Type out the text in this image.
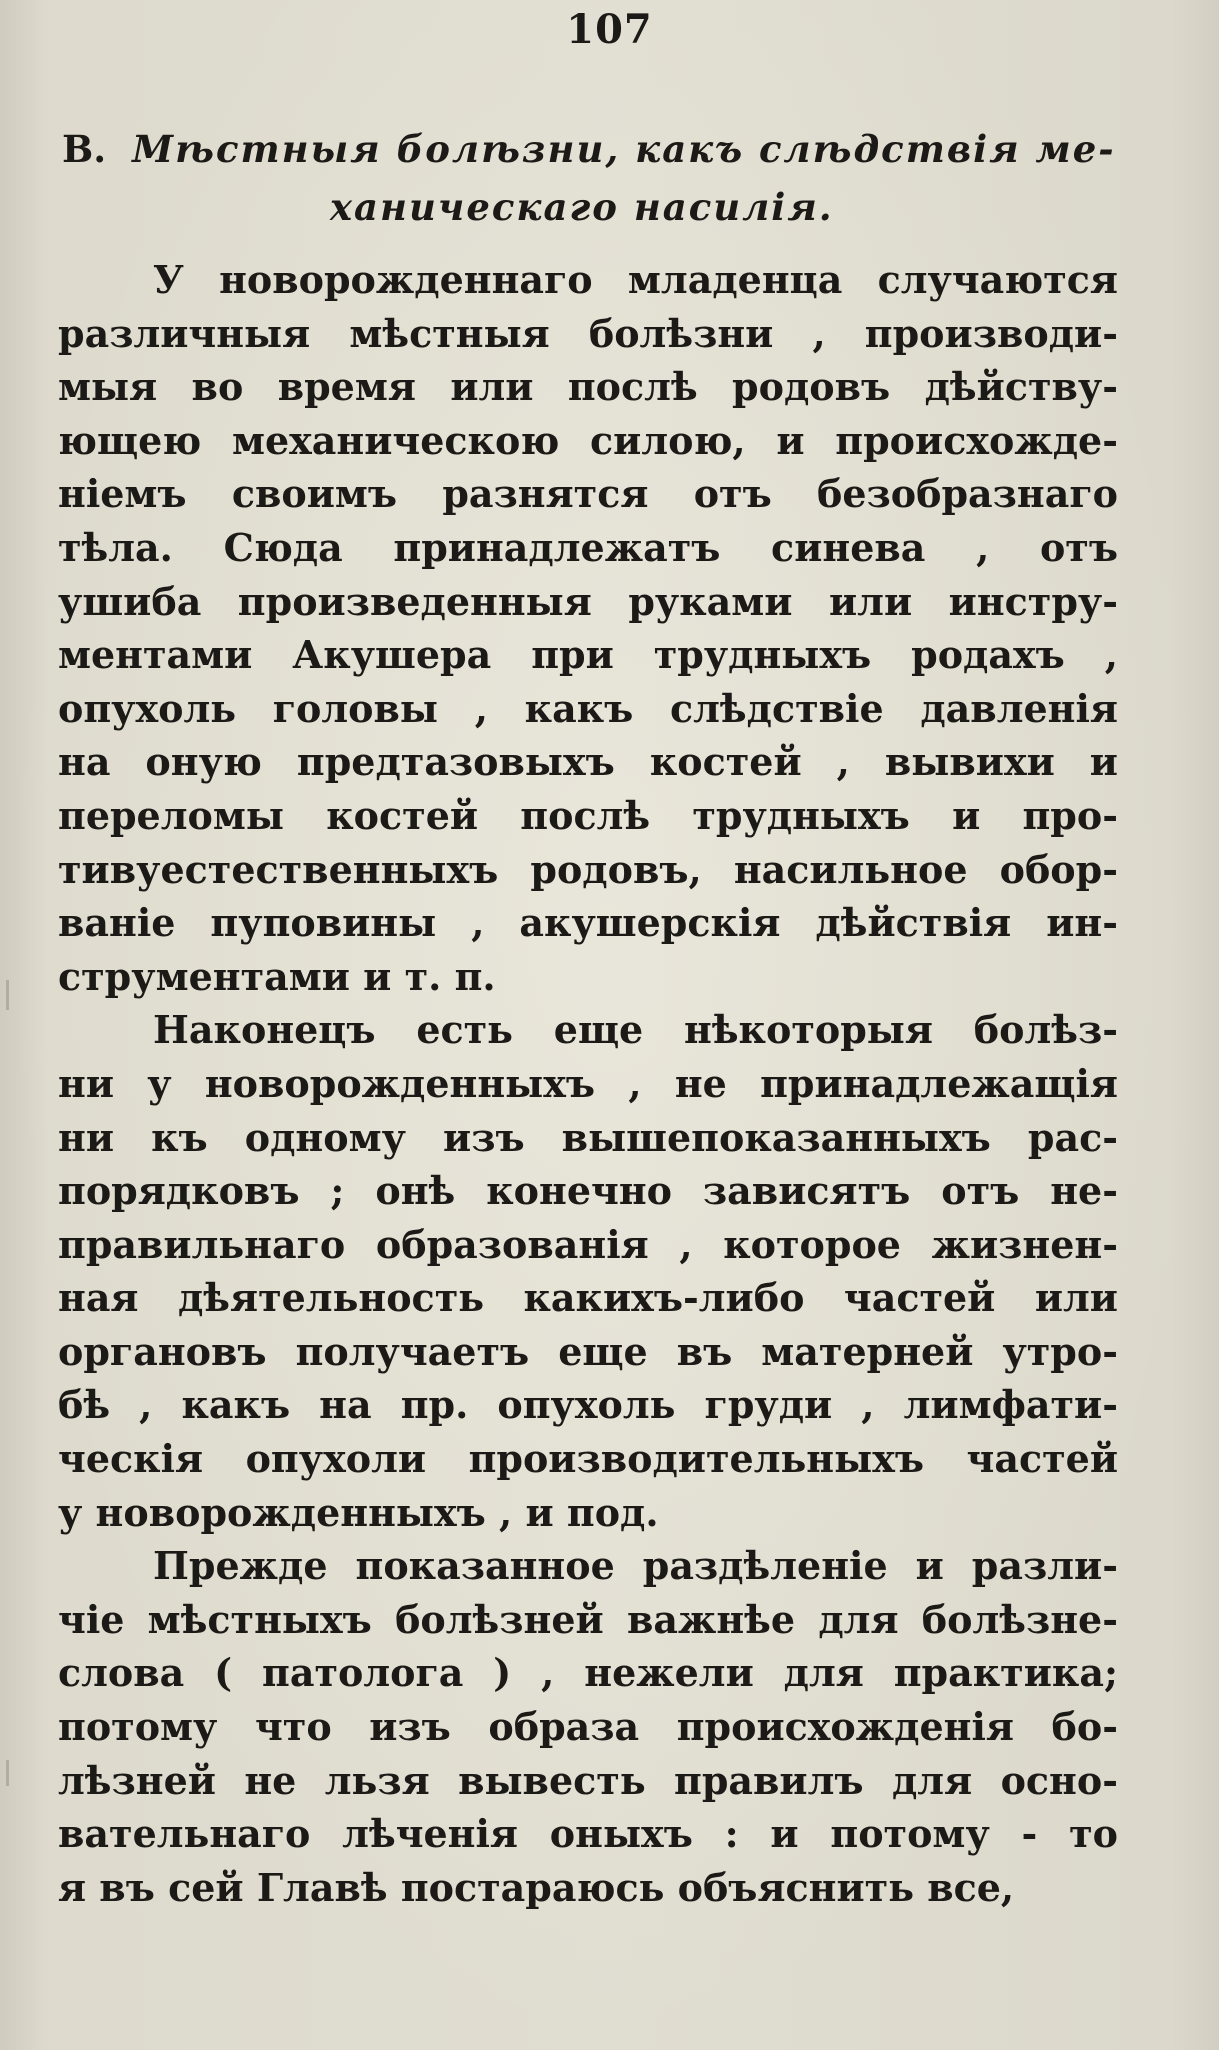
107
В. Мѣстныя болѣзни, какъ слѣдствія ме-
ханическаго насилія.
У новорожденнаго младенца случаются
различныя мѣстныя болѣзни , производи-
мыя во время или послѣ родовъ дѣйству-
ющею механическою силою, и происхожде-
ніемъ своимъ разнятся отъ безобразнаго
тѣла. Сюда принадлежатъ синева , отъ
ушиба произведенныя руками или инстру-
ментами Акушера при трудныхъ родахъ ,
опухоль головы , какъ слѣдствіе давленія
на оную предтазовыхъ костей , вывихи и
переломы костей послѣ трудныхъ и про-
тивуестественныхъ родовъ, насильное обор-
ваніе пуповины , акушерскія дѣйствія ин-
струментами и т. п.
Наконецъ есть еще нѣкоторыя болѣз-
ни у новорожденныхъ , не принадлежащія
ни къ одному изъ вышепоказанныхъ рас-
порядковъ ; онѣ конечно зависятъ отъ не-
правильнаго образованія , которое жизнен-
ная дѣятельность какихъ-либо частей или
органовъ получаетъ еще въ матерней утро-
бѣ , какъ на пр. опухоль груди , лимфати-
ческія опухоли производительныхъ частей
у новорожденныхъ , и под.
Прежде показанное раздѣленіе и разли-
чіе мѣстныхъ болѣзней важнѣе для болѣзне-
слова ( патолога ) , нежели для практика;
потому что изъ образа происхожденія бо-
лѣзней не льзя вывесть правилъ для осно-
вательнаго лѣченія оныхъ : и потому - то
я въ сей Главѣ постараюсь объяснить все,
